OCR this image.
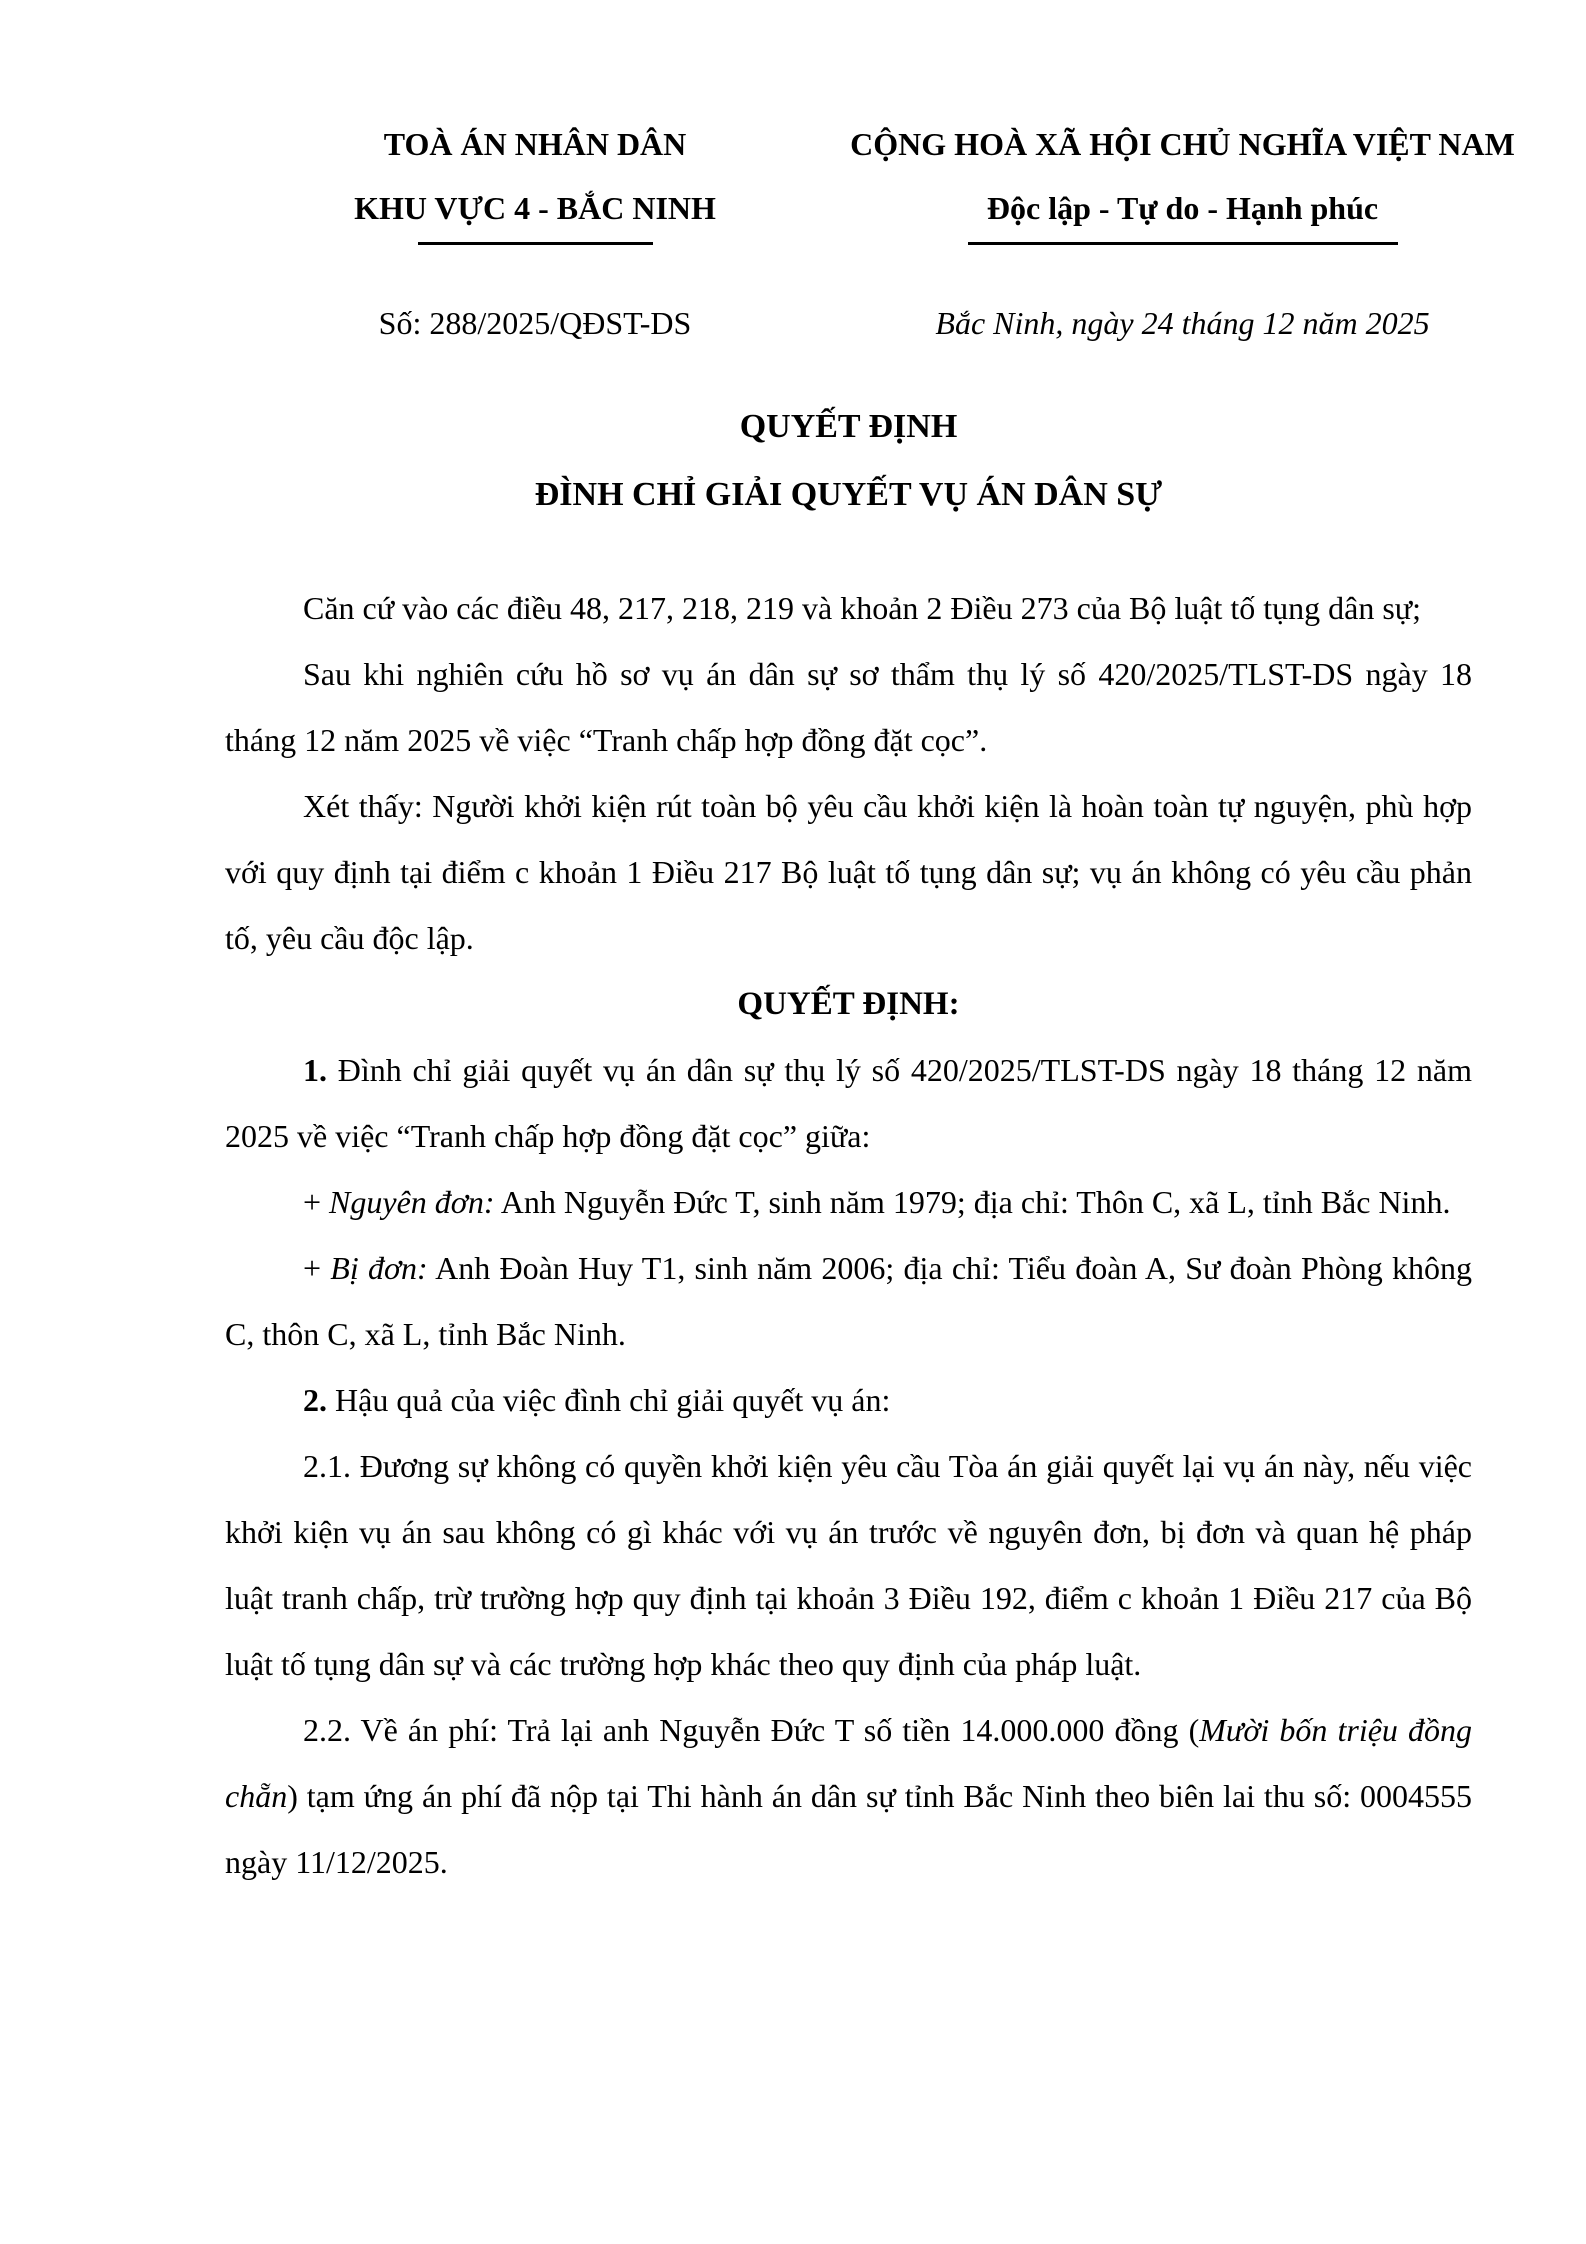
TOÀ ÁN NHÂN DÂN
KHU VỰC 4 - BẮC NINH
CỘNG HOÀ XÃ HỘI CHỦ NGHĨA VIỆT NAM
Độc lập - Tự do - Hạnh phúc
Số: 288/2025/QĐST-DS	Bắc Ninh, ngày 24 tháng 12 năm 2025
QUYẾT ĐỊNH
ĐÌNH CHỈ GIẢI QUYẾT VỤ ÁN DÂN SỰ

Căn cứ vào các điều 48, 217, 218, 219 và khoản 2 Điều 273 của Bộ luật tố tụng dân sự;

Sau khi nghiên cứu hồ sơ vụ án dân sự sơ thẩm thụ lý số 420/2025/TLST-DS ngày 18 tháng 12 năm 2025 về việc “Tranh chấp hợp đồng đặt cọc”.

Xét thấy: Người khởi kiện rút toàn bộ yêu cầu khởi kiện là hoàn toàn tự nguyện, phù hợp với quy định tại điểm c khoản 1 Điều 217 Bộ luật tố tụng dân sự; vụ án không có yêu cầu phản tố, yêu cầu độc lập.

QUYẾT ĐỊNH:

1. Đình chỉ giải quyết vụ án dân sự thụ lý số 420/2025/TLST-DS ngày 18 tháng 12 năm 2025 về việc “Tranh chấp hợp đồng đặt cọc” giữa:

+ Nguyên đơn: Anh Nguyễn Đức T, sinh năm 1979; địa chỉ: Thôn C, xã L, tỉnh Bắc Ninh.

+ Bị đơn: Anh Đoàn Huy T1, sinh năm 2006; địa chỉ: Tiểu đoàn A, Sư đoàn Phòng không C, thôn C, xã L, tỉnh Bắc Ninh.

2. Hậu quả của việc đình chỉ giải quyết vụ án:

2.1. Đương sự không có quyền khởi kiện yêu cầu Tòa án giải quyết lại vụ án này, nếu việc khởi kiện vụ án sau không có gì khác với vụ án trước về nguyên đơn, bị đơn và quan hệ pháp luật tranh chấp, trừ trường hợp quy định tại khoản 3 Điều 192, điểm c khoản 1 Điều 217 của Bộ luật tố tụng dân sự và các trường hợp khác theo quy định của pháp luật.

2.2. Về án phí: Trả lại anh Nguyễn Đức T số tiền 14.000.000 đồng (Mười bốn triệu đồng chẵn) tạm ứng án phí đã nộp tại Thi hành án dân sự tỉnh Bắc Ninh theo biên lai thu số: 0004555 ngày 11/12/2025.
